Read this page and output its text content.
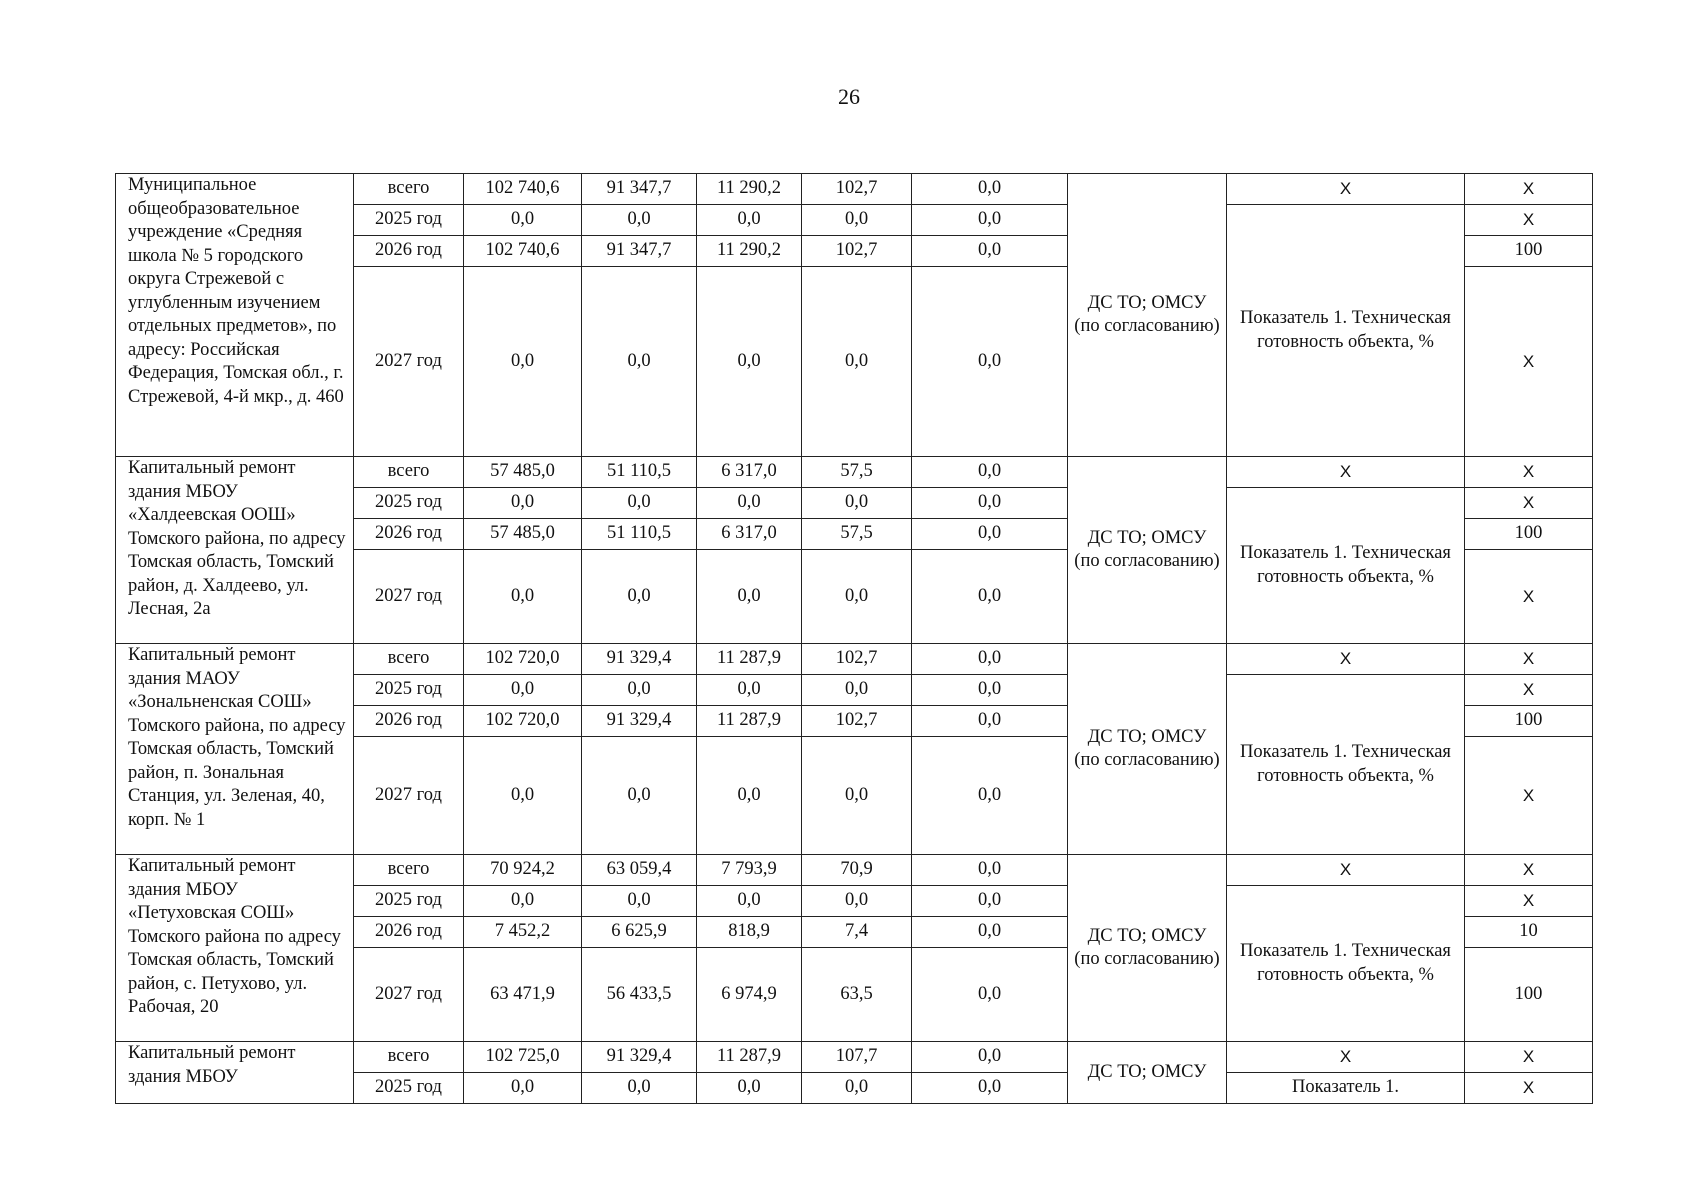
26
Муниципальное общеобразовательное учреждение «Средняя школа № 5 городского округа Стрежевой с углубленным изучением отдельных предметов», по адресу: Российская Федерация, Томская обл., г. Стрежевой, 4-й мкр., д. 460	всего	102 740,6	91 347,7	11 290,2	102,7	0,0	ДС ТО; ОМСУ (по согласованию)	Х	Х
	2025 год	0,0	0,0	0,0	0,0	0,0		Показатель 1. Техническая готовность объекта, %	Х
	2026 год	102 740,6	91 347,7	11 290,2	102,7	0,0			100
	2027 год	0,0	0,0	0,0	0,0	0,0			Х
Капитальный ремонт здания МБОУ «Халдеевская ООШ» Томского района, по адресу Томская область, Томский район, д. Халдеево, ул. Лесная, 2а	всего	57 485,0	51 110,5	6 317,0	57,5	0,0	ДС ТО; ОМСУ (по согласованию)	Х	Х
	2025 год	0,0	0,0	0,0	0,0	0,0		Показатель 1. Техническая готовность объекта, %	Х
	2026 год	57 485,0	51 110,5	6 317,0	57,5	0,0			100
	2027 год	0,0	0,0	0,0	0,0	0,0			Х
Капитальный ремонт здания МАОУ «Зональненская СОШ» Томского района, по адресу Томская область, Томский район, п. Зональная Станция, ул. Зеленая, 40, корп. № 1	всего	102 720,0	91 329,4	11 287,9	102,7	0,0	ДС ТО; ОМСУ (по согласованию)	Х	Х
	2025 год	0,0	0,0	0,0	0,0	0,0		Показатель 1. Техническая готовность объекта, %	Х
	2026 год	102 720,0	91 329,4	11 287,9	102,7	0,0			100
	2027 год	0,0	0,0	0,0	0,0	0,0			Х
Капитальный ремонт здания МБОУ «Петуховская СОШ» Томского района по адресу Томская область, Томский район, с. Петухово, ул. Рабочая, 20	всего	70 924,2	63 059,4	7 793,9	70,9	0,0	ДС ТО; ОМСУ (по согласованию)	Х	Х
	2025 год	0,0	0,0	0,0	0,0	0,0		Показатель 1. Техническая готовность объекта, %	Х
	2026 год	7 452,2	6 625,9	818,9	7,4	0,0			10
	2027 год	63 471,9	56 433,5	6 974,9	63,5	0,0			100
Капитальный ремонт здания МБОУ	всего	102 725,0	91 329,4	11 287,9	107,7	0,0	ДС ТО; ОМСУ	Х	Х
	2025 год	0,0	0,0	0,0	0,0	0,0		Показатель 1.	Х
